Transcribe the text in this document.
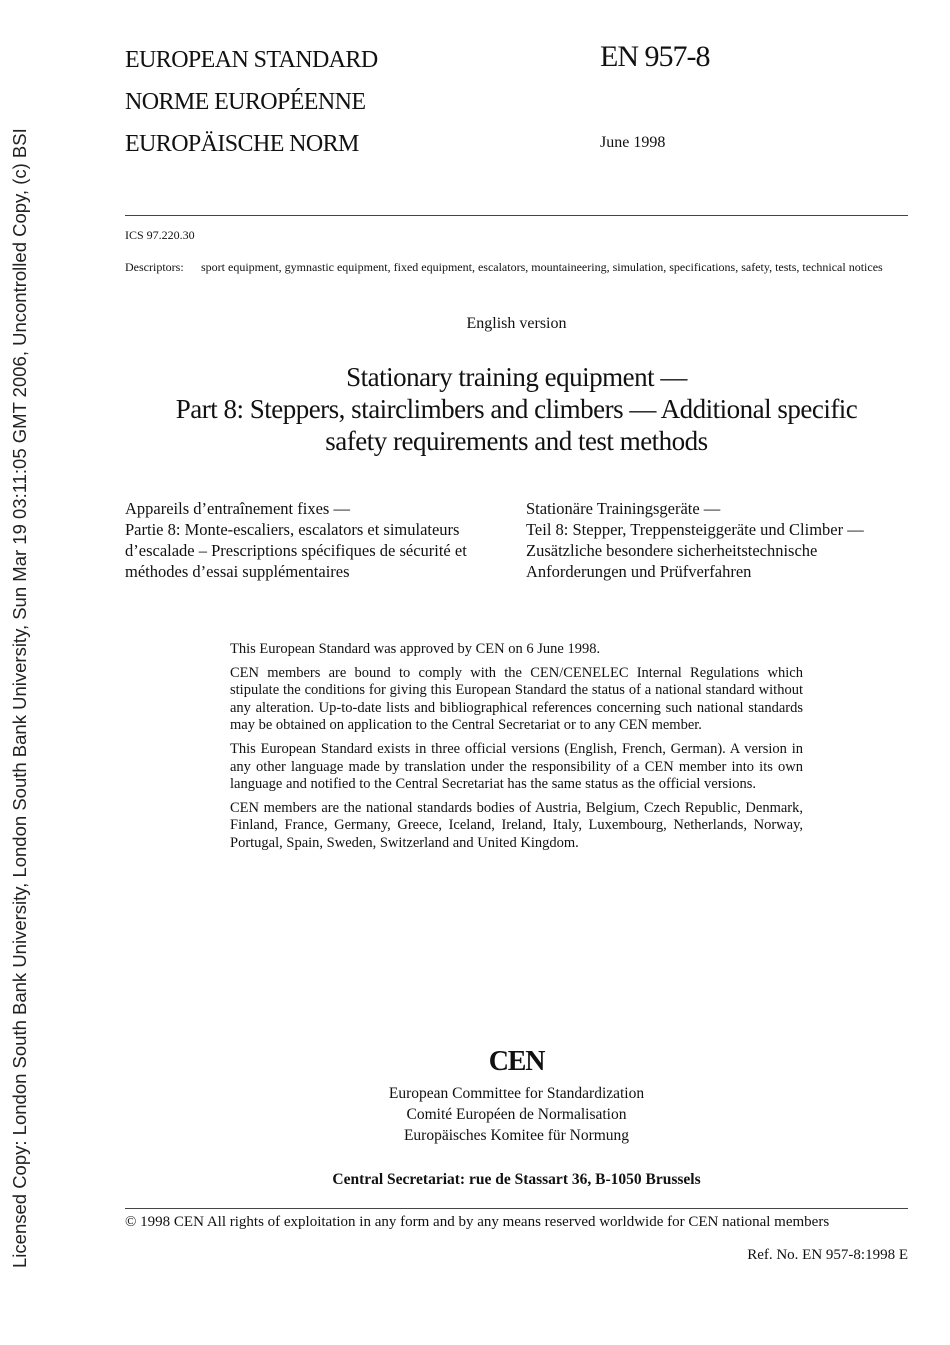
Licensed Copy: London South Bank University, London South Bank University, Sun Mar 19 03:11:05 GMT 2006, Uncontrolled Copy, (c) BSI
EUROPEAN STANDARD
NORME EUROPÉENNE
EUROPÄISCHE NORM
EN 957-8
June 1998
ICS 97.220.30
Descriptors: sport equipment, gymnastic equipment, fixed equipment, escalators, mountaineering, simulation, specifications, safety, tests, technical notices
English version
Stationary training equipment —
Part 8: Steppers, stairclimbers and climbers — Additional specific
safety requirements and test methods
Appareils d’entraînement fixes —
Partie 8: Monte-escaliers, escalators et simulateurs
d’escalade – Prescriptions spécifiques de sécurité et
méthodes d’essai supplémentaires
Stationäre Trainingsgeräte —
Teil 8: Stepper, Treppensteiggeräte und Climber —
Zusätzliche besondere sicherheitstechnische
Anforderungen und Prüfverfahren

This European Standard was approved by CEN on 6 June 1998.

CEN members are bound to comply with the CEN/CENELEC Internal Regulations which stipulate the conditions for giving this European Standard the status of a national standard without any alteration. Up-to-date lists and bibliographical references concerning such national standards may be obtained on application to the Central Secretariat or to any CEN member.

This European Standard exists in three official versions (English, French, German). A version in any other language made by translation under the responsibility of a CEN member into its own language and notified to the Central Secretariat has the same status as the official versions.

CEN members are the national standards bodies of Austria, Belgium, Czech Republic, Denmark, Finland, France, Germany, Greece, Iceland, Ireland, Italy, Luxembourg, Netherlands, Norway, Portugal, Spain, Sweden, Switzerland and United Kingdom.

CEN
European Committee for Standardization
Comité Européen de Normalisation
Europäisches Komitee für Normung
Central Secretariat: rue de Stassart 36, B-1050 Brussels
© 1998 CEN All rights of exploitation in any form and by any means reserved worldwide for CEN national members
Ref. No. EN 957-8:1998 E
